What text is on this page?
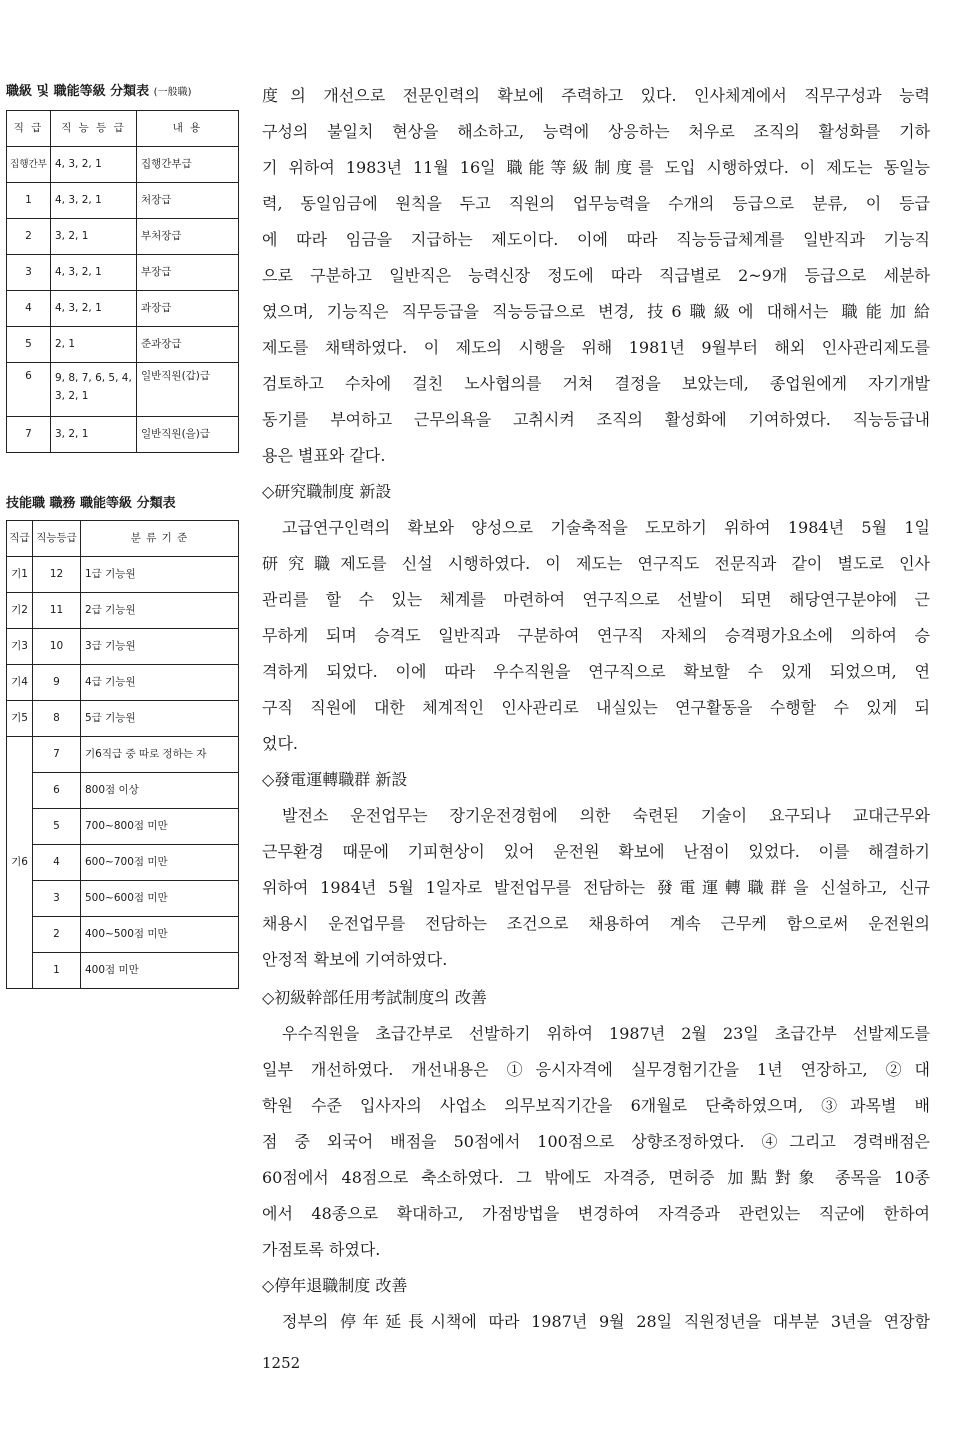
職級 및 職能等級 分類表 (一般職)
직 급	직 능 등 급	내 용
집행간부	4, 3, 2, 1	집행간부급
1	4, 3, 2, 1	처장급
2	3, 2, 1	부처장급
3	4, 3, 2, 1	부장급
4	4, 3, 2, 1	과장급
5	2, 1	준과장급
6	9, 8, 7, 6, 5, 4, 3, 2, 1	일반직원(갑)급
7	3, 2, 1	일반직원(을)급
技能職 職務 職能等級 分類表
직급	직능등급	분 류 기 준
기1	12	1급 기능원
기2	11	2급 기능원
기3	10	3급 기능원
기4	9	4급 기능원
기5	8	5급 기능원
기6	7	기6직급 중 따로 정하는 자
	6	800점 이상
	5	700~800점 미만
	4	600~700점 미만
	3	500~600점 미만
	2	400~500점 미만
	1	400점 미만
度의 개선으로 전문인력의 확보에 주력하고 있다. 인사체계에서 직무구성과 능력
구성의 불일치 현상을 해소하고, 능력에 상응하는 처우로 조직의 활성화를 기하
기 위하여 1983년 11월 16일 職能等級制度를 도입 시행하였다. 이 제도는 동일능
력, 동일임금에 원칙을 두고 직원의 업무능력을 수개의 등급으로 분류, 이 등급
에 따라 임금을 지급하는 제도이다. 이에 따라 직능등급체계를 일반직과 기능직
으로 구분하고 일반직은 능력신장 정도에 따라 직급별로 2~9개 등급으로 세분하
였으며, 기능직은 직무등급을 직능등급으로 변경, 技6職級에 대해서는 職能加給
제도를 채택하였다. 이 제도의 시행을 위해 1981년 9월부터 해외 인사관리제도를
검토하고 수차에 걸친 노사협의를 거쳐 결정을 보았는데, 종업원에게 자기개발
동기를 부여하고 근무의욕을 고취시켜 조직의 활성화에 기여하였다. 직능등급내
용은 별표와 같다.
◇研究職制度 新設
고급연구인력의 확보와 양성으로 기술축적을 도모하기 위하여 1984년 5월 1일
研究職제도를 신설 시행하였다. 이 제도는 연구직도 전문직과 같이 별도로 인사
관리를 할 수 있는 체계를 마련하여 연구직으로 선발이 되면 해당연구분야에 근
무하게 되며 승격도 일반직과 구분하여 연구직 자체의 승격평가요소에 의하여 승
격하게 되었다. 이에 따라 우수직원을 연구직으로 확보할 수 있게 되었으며, 연
구직 직원에 대한 체계적인 인사관리로 내실있는 연구활동을 수행할 수 있게 되
었다.
◇發電運轉職群 新設
발전소 운전업무는 장기운전경험에 의한 숙련된 기술이 요구되나 교대근무와
근무환경 때문에 기피현상이 있어 운전원 확보에 난점이 있었다. 이를 해결하기
위하여 1984년 5월 1일자로 발전업무를 전담하는 發電運轉職群을 신설하고, 신규
채용시 운전업무를 전담하는 조건으로 채용하여 계속 근무케 함으로써 운전원의
안정적 확보에 기여하였다.
◇初級幹部任用考試制度의 改善
우수직원을 초급간부로 선발하기 위하여 1987년 2월 23일 초급간부 선발제도를
일부 개선하였다. 개선내용은 ①응시자격에 실무경험기간을 1년 연장하고, ②대
학원 수준 입사자의 사업소 의무보직기간을 6개월로 단축하였으며, ③과목별 배
점 중 외국어 배점을 50점에서 100점으로 상향조정하였다. ④그리고 경력배점은
60점에서 48점으로 축소하였다. 그 밖에도 자격증, 면허증 加點對象 종목을 10종
에서 48종으로 확대하고, 가점방법을 변경하여 자격증과 관련있는 직군에 한하여
가점토록 하였다.
◇停年退職制度 改善
정부의 停年延長시책에 따라 1987년 9월 28일 직원정년을 대부분 3년을 연장함
1252
